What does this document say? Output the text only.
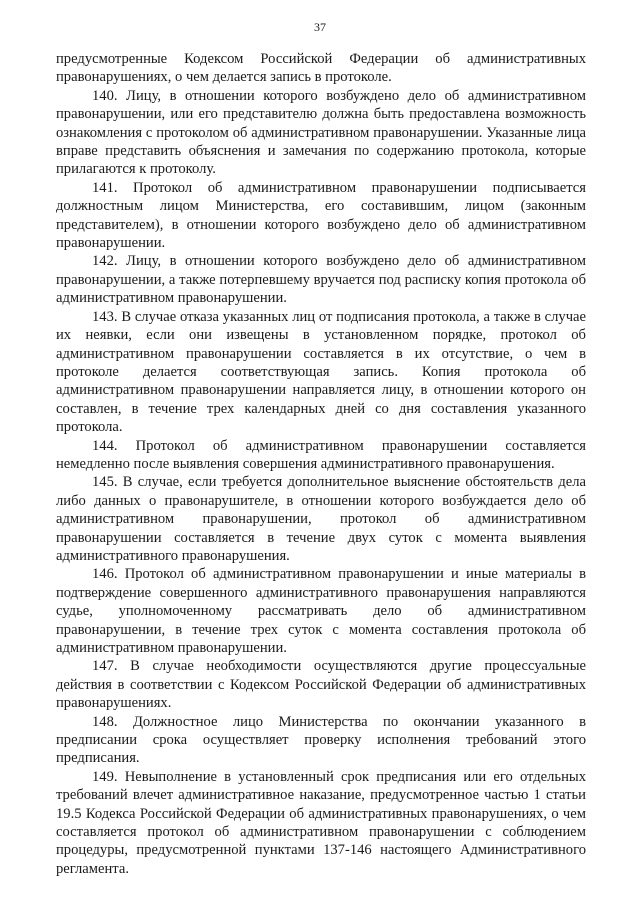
37

предусмотренные Кодексом Российской Федерации об административных правонарушениях, о чем делается запись в протоколе.

140. Лицу, в отношении которого возбуждено дело об административном правонарушении, или его представителю должна быть предоставлена возможность ознакомления с протоколом об административном правонарушении. Указанные лица вправе представить объяснения и замечания по содержанию протокола, которые прилагаются к протоколу.

141. Протокол об административном правонарушении подписывается должностным лицом Министерства, его составившим, лицом (законным представителем), в отношении которого возбуждено дело об административном правонарушении.

142. Лицу, в отношении которого возбуждено дело об административном правонарушении, а также потерпевшему вручается под расписку копия протокола об административном правонарушении.

143. В случае отказа указанных лиц от подписания протокола, а также в случае их неявки, если они извещены в установленном порядке, протокол об административном правонарушении составляется в их отсутствие, о чем в протоколе делается соответствующая запись. Копия протокола об административном правонарушении направляется лицу, в отношении которого он составлен, в течение трех календарных дней со дня составления указанного протокола.

144. Протокол об административном правонарушении составляется немедленно после выявления совершения административного правонарушения.

145. В случае, если требуется дополнительное выяснение обстоятельств дела либо данных о правонарушителе, в отношении которого возбуждается дело об административном правонарушении, протокол об административном правонарушении составляется в течение двух суток с момента выявления административного правонарушения.

146. Протокол об административном правонарушении и иные материалы в подтверждение совершенного административного правонарушения направляются судье, уполномоченному рассматривать дело об административном правонарушении, в течение трех суток с момента составления протокола об административном правонарушении.

147. В случае необходимости осуществляются другие процессуальные действия в соответствии с Кодексом Российской Федерации об административных правонарушениях.

148. Должностное лицо Министерства по окончании указанного в предписании срока осуществляет проверку исполнения требований этого предписания.

149. Невыполнение в установленный срок предписания или его отдельных требований влечет административное наказание, предусмотренное частью 1 статьи 19.5 Кодекса Российской Федерации об административных правонарушениях, о чем составляется протокол об административном правонарушении с соблюдением процедуры, предусмотренной пунктами 137-146 настоящего Административного регламента.
